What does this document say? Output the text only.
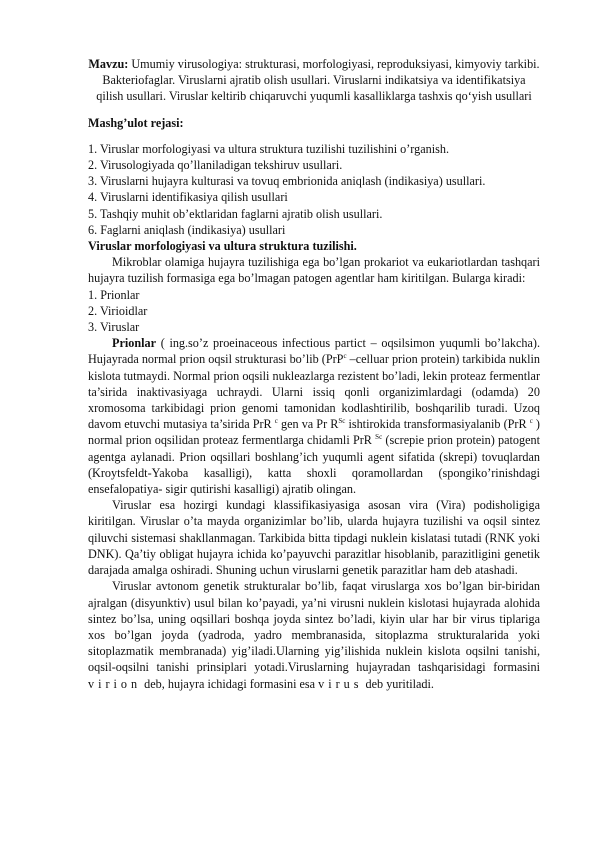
Mavzu: Umumiy virusologiya: strukturasi, morfologiyasi, reproduksiyasi, kimyoviy tarkibi. Bakteriofaglar. Viruslarni ajratib olish usullari. Viruslarni indikatsiya va identifikatsiya qilish usullari. Viruslar keltirib chiqaruvchi yuqumli kasalliklarga tashxis qo‘yish usullari
Mashg’ulot rejasi:
1. Viruslar morfologiyasi va ultura struktura tuzilishi tuzilishini o’rganish.
2. Virusologiyada qo’llaniladigan tekshiruv usullari.
3. Viruslarni hujayra kulturasi va tovuq embrionida aniqlash (indikasiya) usullari.
4. Viruslarni identifikasiya qilish usullari
5. Tashqiy muhit ob’ektlaridan faglarni ajratib olish usullari.
6. Faglarni aniqlash (indikasiya) usullari
Viruslar morfologiyasi va ultura struktura tuzilishi.

Mikroblar olamiga hujayra tuzilishiga ega bo’lgan prokariot va eukariotlardan tashqari hujayra tuzilish formasiga ega bo’lmagan patogen agentlar ham kiritilgan. Bularga kiradi:

1. Prionlar
2. Virioidlar
3. Viruslar

Prionlar ( ing.so’z proeinaceous infectious partict – oqsilsimon yuqumli bo’lakcha). Hujayrada normal prion oqsil strukturasi bo’lib (PrP$^c$ –celluar prion protein) tarkibida nuklin kislota tutmaydi. Normal prion oqsili nukleazlarga rezistent bo’ladi, lekin proteaz fermentlar ta’sirida inaktivasiyaga uchraydi. Ularni issiq qonli organizimlardagi (odamda) 20 xromosoma tarkibidagi prion genomi tamonidan kodlashtirilib, boshqarilib turadi. Uzoq davom etuvchi mutasiya ta’sirida PrR $^c$ gen va Pr $R^{Sc}$ ishtirokida transformasiyalanib (PrR $^c$ ) normal prion oqsilidan proteaz fermentlarga chidamli PrR $^{Sc}$ (screpie prion protein) patogent agentga aylanadi. Prion oqsillari boshlang’ich yuqumli agent sifatida (skrepi) tovuqlardan (Kroytsfeldt-Yakoba kasalligi), katta shoxli qoramollardan (spongiko’rinishdagi ensefalopatiya- sigir qutirishi kasalligi) ajratib olingan.

Viruslar esa hozirgi kundagi klassifikasiyasiga asosan vira (Vira) podisholigiga kiritilgan. Viruslar o’ta mayda organizimlar bo’lib, ularda hujayra tuzilishi va oqsil sintez qiluvchi sistemasi shakllanmagan. Tarkibida bitta tipdagi nuklein kislatasi tutadi (RNK yoki DNK). Qa’tiy obligat hujayra ichida ko’payuvchi parazitlar hisoblanib, parazitligini genetik darajada amalga oshiradi. Shuning uchun viruslarni genetik parazitlar ham deb atashadi.

Viruslar avtonom genetik strukturalar bo’lib, faqat viruslarga xos bo’lgan bir-biridan ajralgan (disyunktiv) usul bilan ko’payadi, ya’ni virusni nuklein kislotasi hujayrada alohida sintez bo’lsa, uning oqsillari boshqa joyda sintez bo’ladi, kiyin ular har bir virus tiplariga xos bo’lgan joyda (yadroda, yadro membranasida, sitoplazma strukturalarida yoki sitoplazmatik membranada) yig’iladi.Ularning yig’ilishida nuklein kislota oqsilni tanishi, oqsil-oqsilni tanishi prinsiplari yotadi.Viruslarning hujayradan tashqarisidagi formasini virion deb, hujayra ichidagi formasini esa virus deb yuritiladi.
